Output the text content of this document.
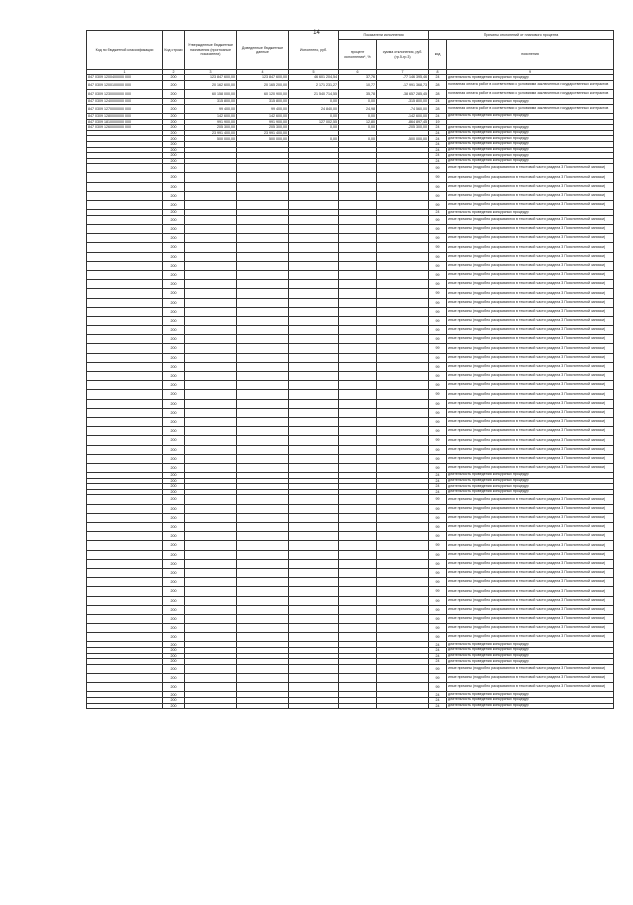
14
Код по бюджетной классификации	Код строки	Утвержденные бюджетные назначения (прогнозные показатели)	Доведенные бюджетные данные	Исполнено, руб.	Показатели исполнения		Причины отклонений от планового процента	
					процент исполнения*, %	сумма отклонения, руб. (гр.5-гр.3)	код	пояснения
1	2	3	4	5	6	7	8	9
847 0309 1200400000 000	200	123 847 600,00	123 847 600,00	46 601 204,54	37,76	-77 146 395,46	24	длительность проведения конкурсных процедур
847 0309 1200100000 000	200	20 162 600,00	20 165 200,00	2 171 231,27	10,77	-17 991 368,73	28	поэтапная оплата работ в соответствии с условиями заключенных государственных контрактов
847 0309 1230000000 000	200	60 158 000,00	60 120 900,00	21 540 714,55	35,78	-38 657 285,45	28	поэтапная оплата работ в соответствии с условиями заключенных государственных контрактов
847 0309 1240000000 000	200	315 800,00	315 800,00	0,00	0,00	-315 800,00	24	длительность проведения конкурсных процедур
847 0309 1270000000 000	200	99 400,00	99 400,00	24 840,00	24,98	-74 560,00	28	поэтапная оплата работ в соответствии с условиями заключенных государственных контрактов
847 0309 1280000000 000	200	142 600,00	142 600,00	0,00	0,00	-142 600,00	24	длительность проведения конкурсных процедур
847 0309 1810000000 000	200	991 900,00	991 900,00	127 002,55	12,80	-864 897,45	19	
847 0309 1260000000 000	200	205 300,00	205 300,00	0,00	0,00	-205 300,00	24	длительность проведения конкурсных процедур
	200	23 991 400,00	23 991 400,00				24	длительность проведения конкурсных процедур
	200	500 000,00	500 000,00	0,00	0,00	-500 000,00	24	длительность проведения конкурсных процедур
	200						24	длительность проведения конкурсных процедур
	200						24	длительность проведения конкурсных процедур
	200						24	длительность проведения конкурсных процедур
	200						24	длительность проведения конкурсных процедур
	200						99	иные причины (подробно раскрываются в текстовой части раздела 3 Пояснительной записки)
	200						99	иные причины (подробно раскрываются в текстовой части раздела 3 Пояснительной записки)
	200						99	иные причины (подробно раскрываются в текстовой части раздела 3 Пояснительной записки)
	200						99	иные причины (подробно раскрываются в текстовой части раздела 3 Пояснительной записки)
	200						99	иные причины (подробно раскрываются в текстовой части раздела 3 Пояснительной записки)
	200						24	длительность проведения конкурсных процедур
	200						99	иные причины (подробно раскрываются в текстовой части раздела 3 Пояснительной записки)
	200						99	иные причины (подробно раскрываются в текстовой части раздела 3 Пояснительной записки)
	200						99	иные причины (подробно раскрываются в текстовой части раздела 3 Пояснительной записки)
	200						99	иные причины (подробно раскрываются в текстовой части раздела 3 Пояснительной записки)
	200						99	иные причины (подробно раскрываются в текстовой части раздела 3 Пояснительной записки)
	200						99	иные причины (подробно раскрываются в текстовой части раздела 3 Пояснительной записки)
	200						99	иные причины (подробно раскрываются в текстовой части раздела 3 Пояснительной записки)
	200						99	иные причины (подробно раскрываются в текстовой части раздела 3 Пояснительной записки)
	200						99	иные причины (подробно раскрываются в текстовой части раздела 3 Пояснительной записки)
	200						99	иные причины (подробно раскрываются в текстовой части раздела 3 Пояснительной записки)
	200						99	иные причины (подробно раскрываются в текстовой части раздела 3 Пояснительной записки)
	200						99	иные причины (подробно раскрываются в текстовой части раздела 3 Пояснительной записки)
	200						99	иные причины (подробно раскрываются в текстовой части раздела 3 Пояснительной записки)
	200						99	иные причины (подробно раскрываются в текстовой части раздела 3 Пояснительной записки)
	200						99	иные причины (подробно раскрываются в текстовой части раздела 3 Пояснительной записки)
	200						99	иные причины (подробно раскрываются в текстовой части раздела 3 Пояснительной записки)
	200						99	иные причины (подробно раскрываются в текстовой части раздела 3 Пояснительной записки)
	200						99	иные причины (подробно раскрываются в текстовой части раздела 3 Пояснительной записки)
	200						99	иные причины (подробно раскрываются в текстовой части раздела 3 Пояснительной записки)
	200						99	иные причины (подробно раскрываются в текстовой части раздела 3 Пояснительной записки)
	200						99	иные причины (подробно раскрываются в текстовой части раздела 3 Пояснительной записки)
	200						99	иные причины (подробно раскрываются в текстовой части раздела 3 Пояснительной записки)
	200						99	иные причины (подробно раскрываются в текстовой части раздела 3 Пояснительной записки)
	200						99	иные причины (подробно раскрываются в текстовой части раздела 3 Пояснительной записки)
	200						99	иные причины (подробно раскрываются в текстовой части раздела 3 Пояснительной записки)
	200						99	иные причины (подробно раскрываются в текстовой части раздела 3 Пояснительной записки)
	200						99	иные причины (подробно раскрываются в текстовой части раздела 3 Пояснительной записки)
	200						99	иные причины (подробно раскрываются в текстовой части раздела 3 Пояснительной записки)
	200						24	длительность проведения конкурсных процедур
	200						24	длительность проведения конкурсных процедур
	200						24	длительность проведения конкурсных процедур
	200						24	длительность проведения конкурсных процедур
	200						99	иные причины (подробно раскрываются в текстовой части раздела 3 Пояснительной записки)
	200						99	иные причины (подробно раскрываются в текстовой части раздела 3 Пояснительной записки)
	200						99	иные причины (подробно раскрываются в текстовой части раздела 3 Пояснительной записки)
	200						99	иные причины (подробно раскрываются в текстовой части раздела 3 Пояснительной записки)
	200						99	иные причины (подробно раскрываются в текстовой части раздела 3 Пояснительной записки)
	200						99	иные причины (подробно раскрываются в текстовой части раздела 3 Пояснительной записки)
	200						99	иные причины (подробно раскрываются в текстовой части раздела 3 Пояснительной записки)
	200						99	иные причины (подробно раскрываются в текстовой части раздела 3 Пояснительной записки)
	200						99	иные причины (подробно раскрываются в текстовой части раздела 3 Пояснительной записки)
	200						99	иные причины (подробно раскрываются в текстовой части раздела 3 Пояснительной записки)
	200						99	иные причины (подробно раскрываются в текстовой части раздела 3 Пояснительной записки)
	200						99	иные причины (подробно раскрываются в текстовой части раздела 3 Пояснительной записки)
	200						99	иные причины (подробно раскрываются в текстовой части раздела 3 Пояснительной записки)
	200						99	иные причины (подробно раскрываются в текстовой части раздела 3 Пояснительной записки)
	200						99	иные причины (подробно раскрываются в текстовой части раздела 3 Пояснительной записки)
	200						99	иные причины (подробно раскрываются в текстовой части раздела 3 Пояснительной записки)
	200						24	длительность проведения конкурсных процедур
	200						24	длительность проведения конкурсных процедур
	200						24	длительность проведения конкурсных процедур
	200						24	длительность проведения конкурсных процедур
	200						99	иные причины (подробно раскрываются в текстовой части раздела 3 Пояснительной записки)
	200						99	иные причины (подробно раскрываются в текстовой части раздела 3 Пояснительной записки)
	200						99	иные причины (подробно раскрываются в текстовой части раздела 3 Пояснительной записки)
	200						24	длительность проведения конкурсных процедур
	200						24	длительность проведения конкурсных процедур
	200						24	длительность проведения конкурсных процедур
